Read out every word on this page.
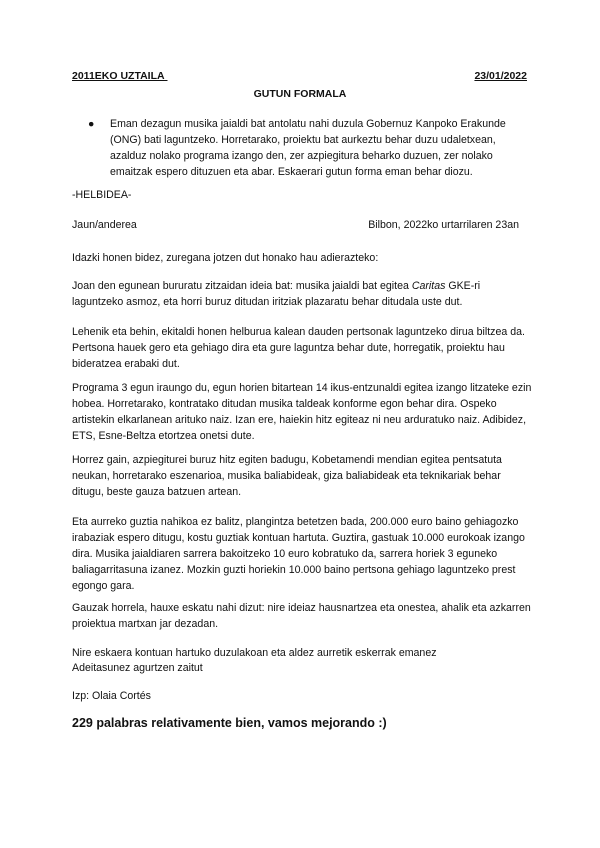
2011EKO UZTAILA
	23/01/2022
GUTUN FORMALA
●	Eman dezagun musika jaialdi bat antolatu nahi duzula Gobernuz Kanpoko Erakunde (ONG) bati laguntzeko. Horretarako, proiektu bat aurkeztu behar duzu udaletxean, azalduz nolako programa izango den, zer azpiegitura beharko duzuen, zer nolako emaitzak espero dituzuen eta abar. Eskaerari gutun forma eman behar diozu.
-HELBIDEA-
Jaun/anderea	Bilbon, 2022ko urtarrilaren 23an
Idazki honen bidez, zuregana jotzen dut honako hau adierazteko:

Joan den egunean bururatu zitzaidan ideia bat: musika jaialdi bat egitea Caritas GKE-ri laguntzeko asmoz, eta horri buruz ditudan iritziak plazaratu behar ditudala uste dut.

Lehenik eta behin, ekitaldi honen helburua kalean dauden pertsonak laguntzeko dirua biltzea da. Pertsona hauek gero eta gehiago dira eta gure laguntza behar dute, horregatik, proiektu hau bideratzea erabaki dut.

Programa 3 egun iraungo du, egun horien bitartean 14 ikus-entzunaldi egitea izango litzateke ezin hobea. Horretarako, kontratako ditudan musika taldeak konforme egon behar dira. Ospeko artistekin elkarlanean arituko naiz. Izan ere, haiekin hitz egiteaz ni neu arduratuko naiz. Adibidez, ETS, Esne-Beltza etortzea onetsi dute.

Horrez gain, azpiegiturei buruz hitz egiten badugu, Kobetamendi mendian egitea pentsatuta neukan, horretarako eszenarioa, musika baliabideak, giza baliabideak eta teknikariak behar ditugu, beste gauza batzuen artean.

Eta aurreko guztia nahikoa ez balitz, plangintza betetzen bada, 200.000 euro baino gehiagozko irabaziak espero ditugu, kostu guztiak kontuan hartuta. Guztira, gastuak 10.000 eurokoak izango dira. Musika jaialdiaren sarrera bakoitzeko 10 euro kobratuko da, sarrera horiek 3 eguneko baliagarritasuna izanez. Mozkin guzti horiekin 10.000 baino pertsona gehiago laguntzeko prest egongo gara.

Gauzak horrela, hauxe eskatu nahi dizut: nire ideiaz hausnartzea eta onestea, ahalik eta azkarren proiektua martxan jar dezadan.

Nire eskaera kontuan hartuko duzulakoan eta aldez aurretik eskerrak emanez
Adeitasunez agurtzen zaitut
Izp: Olaia Cortés
229 palabras relativamente bien, vamos mejorando :)
